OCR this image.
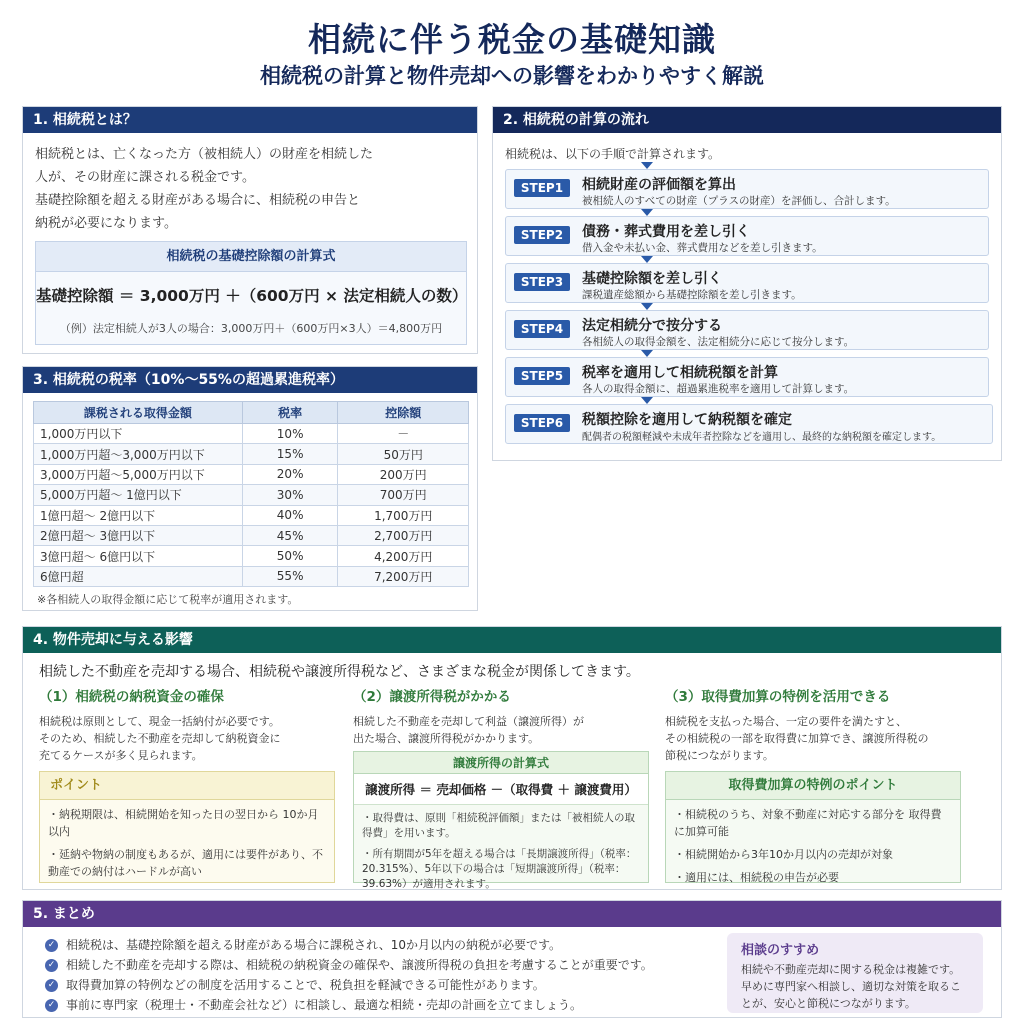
相続に伴う税金の基礎知識
相続税の計算と物件売却への影響をわかりやすく解説
1. 相続税とは？
相続税とは、亡くなった方（被相続人）の財産を相続した
人が、その財産に課される税金です。
基礎控除額を超える財産がある場合に、相続税の申告と
納税が必要になります。
相続税の基礎控除額の計算式
基礎控除額 ＝ 3,000万円 ＋（600万円 × 法定相続人の数）
（例）法定相続人が3人の場合：3,000万円＋（600万円×3人）＝4,800万円
3. 相続税の税率（10%～55%の超過累進税率）
課税される取得金額	税率	控除額
1,000万円以下	10%	－
1,000万円超～3,000万円以下	15%	50万円
3,000万円超～5,000万円以下	20%	200万円
5,000万円超～ 1億円以下	30%	700万円
1億円超～ 2億円以下	40%	1,700万円
2億円超～ 3億円以下	45%	2,700万円
3億円超～ 6億円以下	50%	4,200万円
6億円超	55%	7,200万円
※各相続人の取得金額に応じて税率が適用されます。
2. 相続税の計算の流れ
相続税は、以下の手順で計算されます。
STEP1	相続財産の評価額を算出
被相続人のすべての財産（プラスの財産）を評価し、合計します。
STEP2	債務・葬式費用を差し引く
借入金や未払い金、葬式費用などを差し引きます。
STEP3	基礎控除額を差し引く
課税遺産総額から基礎控除額を差し引きます。
STEP4	法定相続分で按分する
各相続人の取得金額を、法定相続分に応じて按分します。
STEP5	税率を適用して相続税額を計算
各人の取得金額に、超過累進税率を適用して計算します。
STEP6	税額控除を適用して納税額を確定
配偶者の税額軽減や未成年者控除などを適用し、最終的な納税額を確定します。
4. 物件売却に与える影響
相続した不動産を売却する場合、相続税や譲渡所得税など、さまざまな税金が関係してきます。
（1）相続税の納税資金の確保
相続税は原則として、現金一括納付が必要です。
そのため、相続した不動産を売却して納税資金に
充てるケースが多く見られます。
ポイント
・納税期限は、相続開始を知った日の翌日から 10か月以内
・延納や物納の制度もあるが、適用には要件があり、不動産での納付はハードルが高い
（2）譲渡所得税がかかる
相続した不動産を売却して利益（譲渡所得）が
出た場合、譲渡所得税がかかります。
譲渡所得の計算式
譲渡所得 ＝ 売却価格 －（取得費 ＋ 譲渡費用）
・取得費は、原則「相続税評価額」または「被相続人の取得費」を用います。
・所有期間が5年を超える場合は「長期譲渡所得」（税率：20.315%）、5年以下の場合は「短期譲渡所得」（税率：39.63%）が適用されます。
（3）取得費加算の特例を活用できる
相続税を支払った場合、一定の要件を満たすと、
その相続税の一部を取得費に加算でき、譲渡所得税の
節税につながります。
取得費加算の特例のポイント
・相続税のうち、対象不動産に対応する部分を 取得費に加算可能
・相続開始から3年10か月以内の売却が対象
・適用には、相続税の申告が必要
5. まとめ
✓ 相続税は、基礎控除額を超える財産がある場合に課税され、10か月以内の納税が必要です。
✓ 相続した不動産を売却する際は、相続税の納税資金の確保や、譲渡所得税の負担を考慮することが重要です。
✓ 取得費加算の特例などの制度を活用することで、税負担を軽減できる可能性があります。
✓ 事前に専門家（税理士・不動産会社など）に相談し、最適な相続・売却の計画を立てましょう。
相談のすすめ
相続や不動産売却に関する税金は複雑です。早めに専門家へ相談し、適切な対策を取ることが、安心と節税につながります。
